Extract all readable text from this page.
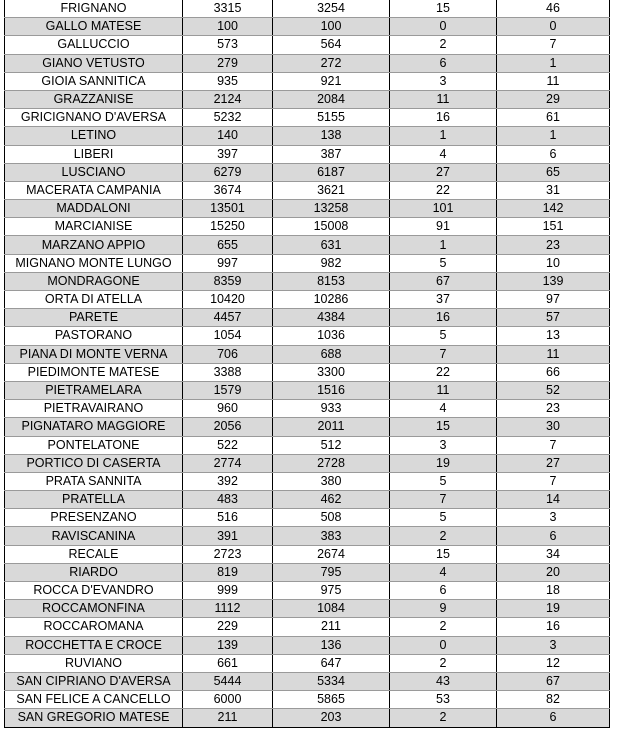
FRIGNANO	3315	3254	15	46
GALLO MATESE	100	100	0	0
GALLUCCIO	573	564	2	7
GIANO VETUSTO	279	272	6	1
GIOIA SANNITICA	935	921	3	11
GRAZZANISE	2124	2084	11	29
GRICIGNANO D'AVERSA	5232	5155	16	61
LETINO	140	138	1	1
LIBERI	397	387	4	6
LUSCIANO	6279	6187	27	65
MACERATA CAMPANIA	3674	3621	22	31
MADDALONI	13501	13258	101	142
MARCIANISE	15250	15008	91	151
MARZANO APPIO	655	631	1	23
MIGNANO MONTE LUNGO	997	982	5	10
MONDRAGONE	8359	8153	67	139
ORTA DI ATELLA	10420	10286	37	97
PARETE	4457	4384	16	57
PASTORANO	1054	1036	5	13
PIANA DI MONTE VERNA	706	688	7	11
PIEDIMONTE MATESE	3388	3300	22	66
PIETRAMELARA	1579	1516	11	52
PIETRAVAIRANO	960	933	4	23
PIGNATARO MAGGIORE	2056	2011	15	30
PONTELATONE	522	512	3	7
PORTICO DI CASERTA	2774	2728	19	27
PRATA SANNITA	392	380	5	7
PRATELLA	483	462	7	14
PRESENZANO	516	508	5	3
RAVISCANINA	391	383	2	6
RECALE	2723	2674	15	34
RIARDO	819	795	4	20
ROCCA D'EVANDRO	999	975	6	18
ROCCAMONFINA	1112	1084	9	19
ROCCAROMANA	229	211	2	16
ROCCHETTA E CROCE	139	136	0	3
RUVIANO	661	647	2	12
SAN CIPRIANO D'AVERSA	5444	5334	43	67
SAN FELICE A CANCELLO	6000	5865	53	82
SAN GREGORIO MATESE	211	203	2	6
